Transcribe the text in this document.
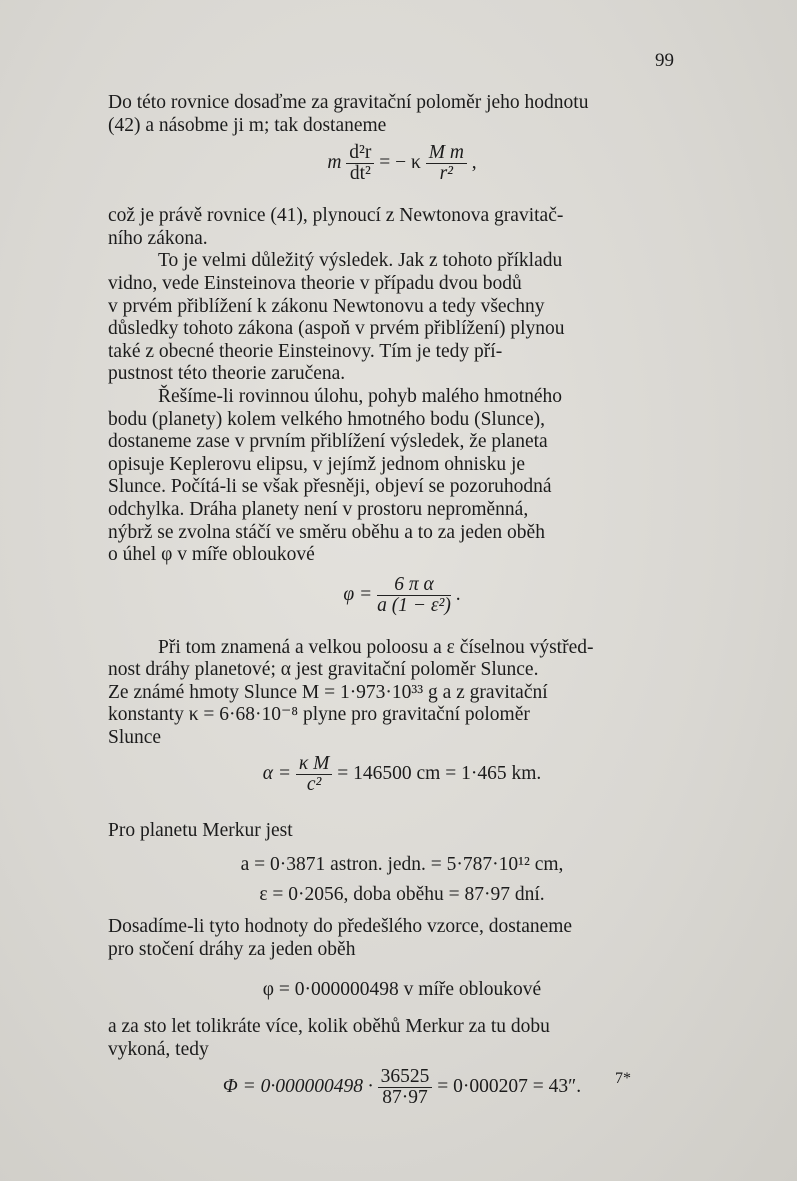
99

Do této rovnice dosaďme za gravitační poloměr jeho hodnotu
(42) a násobme ji m; tak dostaneme

m $\frac{\text{d²r}}{\text{dt²}}$ = − κ $\frac{\text{M m}}{\text{r²}}$ ,

což je právě rovnice (41), plynoucí z Newtonova gravitač-
ního zákona.

To je velmi důležitý výsledek. Jak z tohoto příkladu
vidno, vede Einsteinova theorie v případu dvou bodů
v prvém přiblížení k zákonu Newtonovu a tedy všechny
důsledky tohoto zákona (aspoň v prvém přiblížení) plynou
také z obecné theorie Einsteinovy. Tím je tedy pří-
pustnost této theorie zaručena.

Řešíme-li rovinnou úlohu, pohyb malého hmotného
bodu (planety) kolem velkého hmotného bodu (Slunce),
dostaneme zase v prvním přiblížení výsledek, že planeta
opisuje Keplerovu elipsu, v jejímž jednom ohnisku je
Slunce. Počítá-li se však přesněji, objeví se pozoruhodná
odchylka. Dráha planety není v prostoru neproměnná,
nýbrž se zvolna stáčí ve směru oběhu a to za jeden oběh
o úhel φ v míře obloukové

$\varphi = \frac{\text{6 π α}}{\text{a (1 − ε²)}}$ .

Při tom znamená a velkou poloosu a ε číselnou výstřed-
nost dráhy planetové; α jest gravitační poloměr Slunce.
Ze známé hmoty Slunce M = 1·973·10³³ g a z gravitační
konstanty κ = 6·68·10⁻⁸ plyne pro gravitační poloměr
Slunce

$\alpha = \frac{\text{κ M}}{\text{c²}} = 146500$ cm = 1·465 km.

Pro planetu Merkur jest

a = 0·3871 astron. jedn. = 5·787·10¹² cm,
ε = 0·2056, doba oběhu = 87·97 dní.

Dosadíme-li tyto hodnoty do předešlého vzorce, dostaneme
pro stočení dráhy za jeden oběh

φ = 0·000000498 v míře obloukové

a za sto let tolikráte více, kolik oběhů Merkur za tu dobu
vykoná, tedy

$\Phi = 0\cdot 000000498 \cdot \frac{36525}{87\cdot 97} = 0\cdot 000207 = 43''$.	7*
